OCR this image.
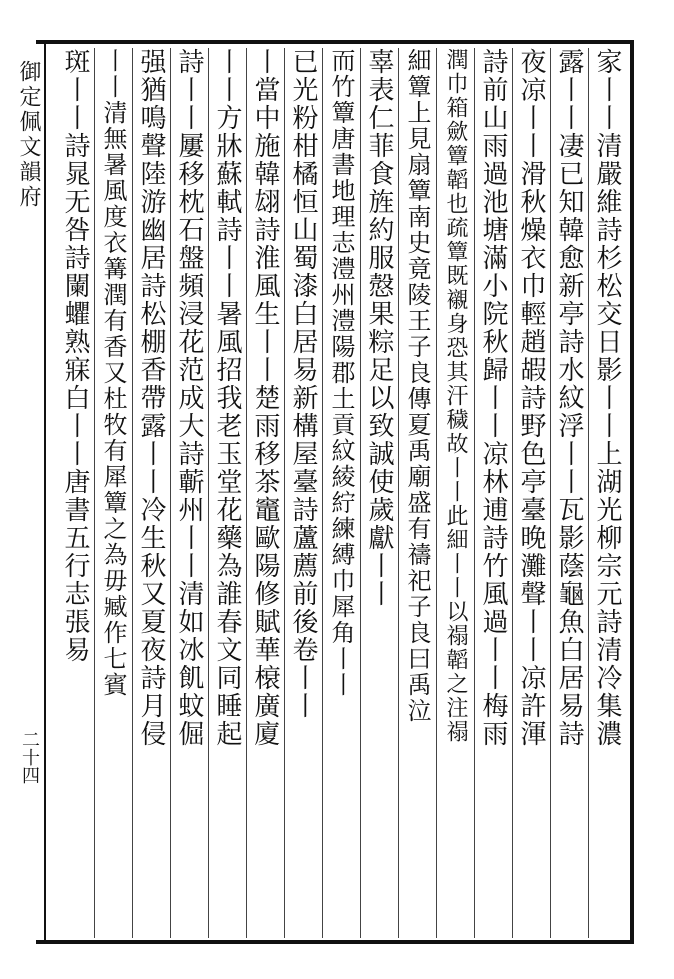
御定佩文韻府
二十四
家丨丨清嚴維詩杉松交日影丨丨上湖光柳宗元詩清冷集濃
露丨丨凄已知韓愈新亭詩水紋浮丨丨瓦影蔭龜魚白居易詩
夜凉丨丨滑秋燥衣巾輕趙嘏詩野色亭臺晚灘聲丨丨凉許渾
詩前山雨過池塘滿小院秋歸丨丨凉林逋詩竹風過丨丨梅雨
潤巾箱歛簟韜也疏簟既襯身恐其汗穢故丨丨此細丨丨以禢韜之注禢
細簟上見扇簟南史竟陵王子良傳夏禹廟盛有禱祀子良曰禹泣
辜表仁菲食旌約服慤果粽足以致誠使歲獻丨丨
而竹簟唐書地理志澧州澧陽郡土貢紋綾紵練縛巾犀角丨丨
已光粉柑橘恒山蜀漆白居易新構屋臺詩蘆薦前後卷丨丨
丨當中施韓翃詩淮風生丨丨楚雨移茶竈歐陽修賦華榱廣廈
丨丨方牀蘇軾詩丨丨暑風招我老玉堂花藥為誰春文同睡起
詩丨丨屢移枕石盤頻浸花范成大詩蘄州丨丨清如冰飢蚊倔
强猶鳴聲陸游幽居詩松棚香帶露丨丨冷生秋又夏夜詩月侵
丨丨清無暑風度衣篝潤有香又杜牧有犀簟之為毋臧作七賓
斑丨丨詩晁无咎詩闌蠷熟寐白丨丨唐書五行志張易
